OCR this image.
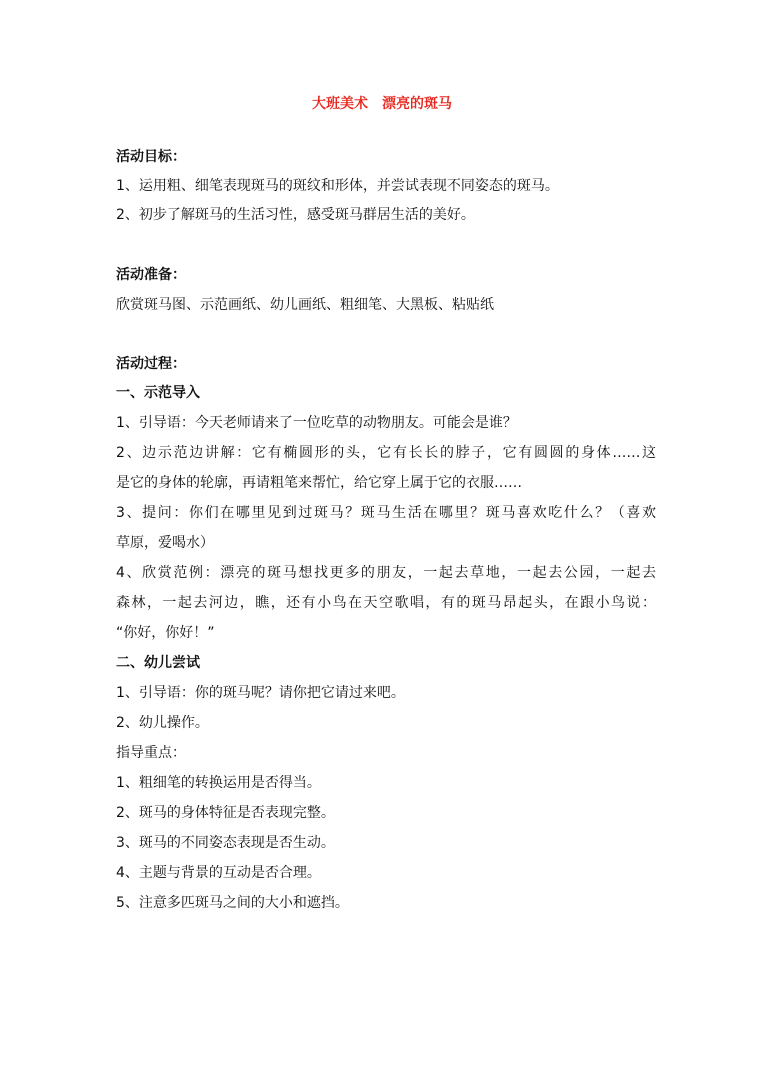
大班美术　漂亮的斑马
活动目标：
1、运用粗、细笔表现斑马的斑纹和形体，并尝试表现不同姿态的斑马。
2、初步了解斑马的生活习性，感受斑马群居生活的美好。
活动准备：
欣赏斑马图、示范画纸、幼儿画纸、粗细笔、大黑板、粘贴纸
活动过程：
一、示范导入
1、引导语：今天老师请来了一位吃草的动物朋友。可能会是谁？
2、边示范边讲解：它有椭圆形的头，它有长长的脖子，它有圆圆的身体……这
是它的身体的轮廓，再请粗笔来帮忙，给它穿上属于它的衣服……
3、提问：你们在哪里见到过斑马？斑马生活在哪里？斑马喜欢吃什么？（喜欢
草原，爱喝水）
4、欣赏范例：漂亮的斑马想找更多的朋友，一起去草地，一起去公园，一起去
森林，一起去河边，瞧，还有小鸟在天空歌唱，有的斑马昂起头，在跟小鸟说：
“你好，你好！”
二、幼儿尝试
1、引导语：你的斑马呢？请你把它请过来吧。
2、幼儿操作。
指导重点：
1、粗细笔的转换运用是否得当。
2、斑马的身体特征是否表现完整。
3、斑马的不同姿态表现是否生动。
4、主题与背景的互动是否合理。
5、注意多匹斑马之间的大小和遮挡。
